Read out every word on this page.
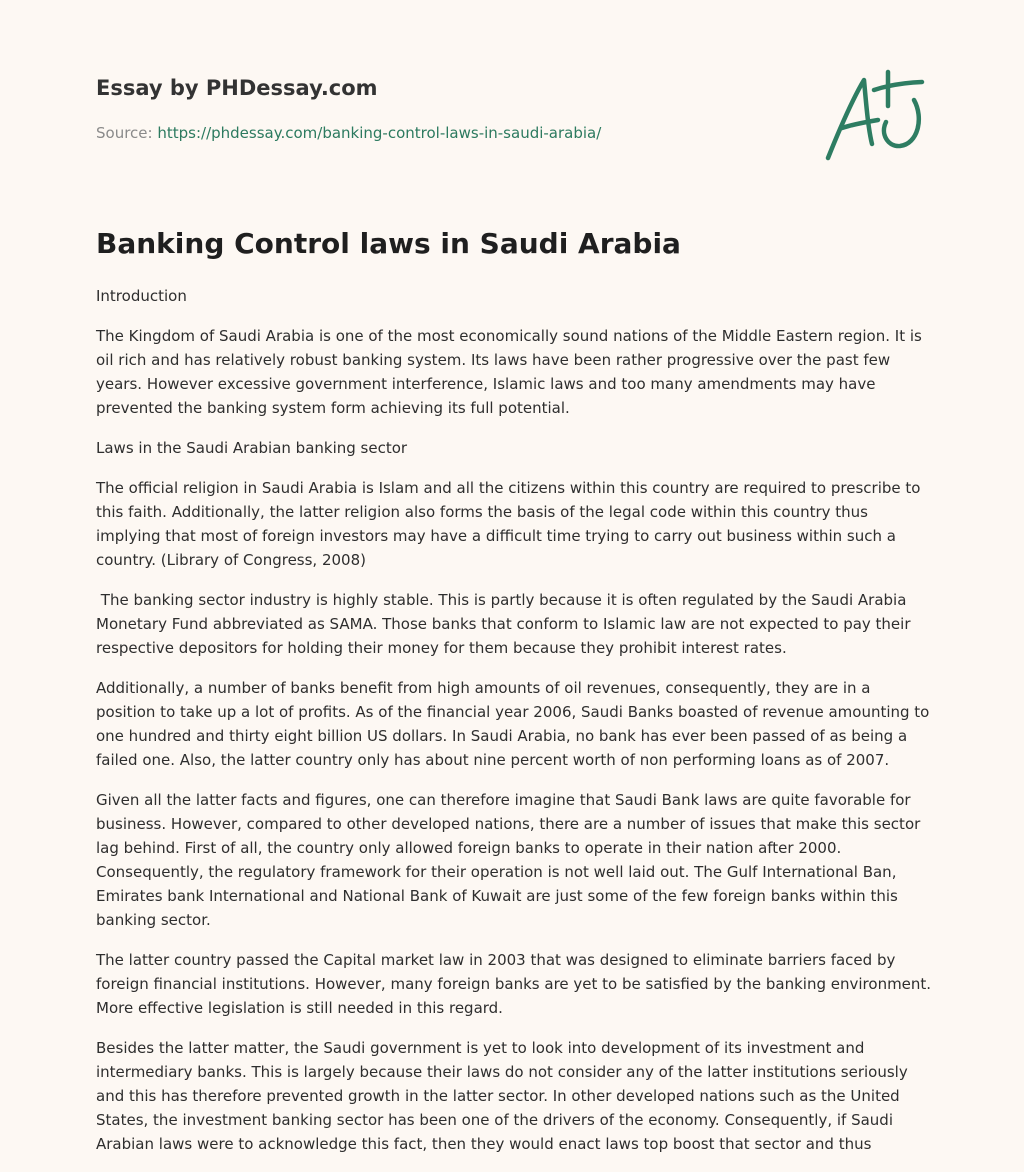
Essay by PHDessay.com
Source: https://phdessay.com/banking-control-laws-in-saudi-arabia/
Banking Control laws in Saudi Arabia

Introduction

The Kingdom of Saudi Arabia is one of the most economically sound nations of the Middle Eastern region. It is oil rich and has relatively robust banking system. Its laws have been rather progressive over the past few years. However excessive government interference, Islamic laws and too many amendments may have prevented the banking system form achieving its full potential.

Laws in the Saudi Arabian banking sector

The official religion in Saudi Arabia is Islam and all the citizens within this country are required to prescribe to this faith. Additionally, the latter religion also forms the basis of the legal code within this country thus implying that most of foreign investors may have a difficult time trying to carry out business within such a country. (Library of Congress, 2008)

The banking sector industry is highly stable. This is partly because it is often regulated by the Saudi Arabia Monetary Fund abbreviated as SAMA. Those banks that conform to Islamic law are not expected to pay their respective depositors for holding their money for them because they prohibit interest rates.

Additionally, a number of banks benefit from high amounts of oil revenues, consequently, they are in a position to take up a lot of profits. As of the financial year 2006, Saudi Banks boasted of revenue amounting to one hundred and thirty eight billion US dollars. In Saudi Arabia, no bank has ever been passed of as being a failed one. Also, the latter country only has about nine percent worth of non performing loans as of 2007.

Given all the latter facts and figures, one can therefore imagine that Saudi Bank laws are quite favorable for business. However, compared to other developed nations, there are a number of issues that make this sector lag behind. First of all, the country only allowed foreign banks to operate in their nation after 2000. Consequently, the regulatory framework for their operation is not well laid out. The Gulf International Ban, Emirates bank International and National Bank of Kuwait are just some of the few foreign banks within this banking sector.

The latter country passed the Capital market law in 2003 that was designed to eliminate barriers faced by foreign financial institutions. However, many foreign banks are yet to be satisfied by the banking environment. More effective legislation is still needed in this regard.

Besides the latter matter, the Saudi government is yet to look into development of its investment and intermediary banks. This is largely because their laws do not consider any of the latter institutions seriously and this has therefore prevented growth in the latter sector. In other developed nations such as the United States, the investment banking sector has been one of the drivers of the economy. Consequently, if Saudi Arabian laws were to acknowledge this fact, then they would enact laws top boost that sector and thus
